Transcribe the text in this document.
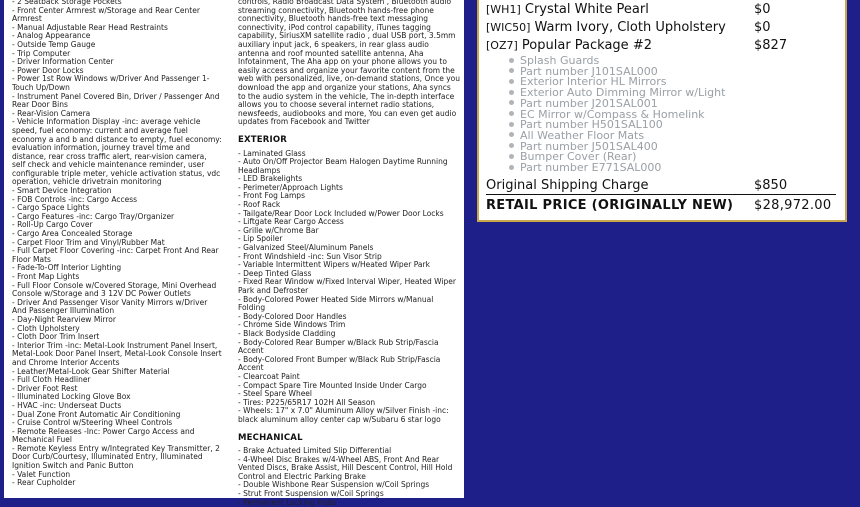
- 2 Seatback Storage Pockets
- Front Center Armrest w/Storage and Rear Center Armrest
- Manual Adjustable Rear Head Restraints
- Analog Appearance
- Outside Temp Gauge
- Trip Computer
- Driver Information Center
- Power Door Locks
- Power 1st Row Windows w/Driver And Passenger 1-Touch Up/Down
- Instrument Panel Covered Bin, Driver / Passenger And Rear Door Bins
- Rear-Vision Camera
- Vehicle Information Display -inc: average vehicle speed, fuel economy: current and average fuel economy a and b and distance to empty, fuel economy: evaluation information, journey travel time and distance, rear cross traffic alert, rear-vision camera, self check and vehicle maintenance reminder, user configurable triple meter, vehicle activation status, vdc operation, vehicle drivetrain monitoring
- Smart Device Integration
- FOB Controls -inc: Cargo Access
- Cargo Space Lights
- Cargo Features -inc: Cargo Tray/Organizer
- Roll-Up Cargo Cover
- Cargo Area Concealed Storage
- Carpet Floor Trim and Vinyl/Rubber Mat
- Full Carpet Floor Covering -inc: Carpet Front And Rear Floor Mats
- Fade-To-Off Interior Lighting
- Front Map Lights
- Full Floor Console w/Covered Storage, Mini Overhead Console w/Storage and 3 12V DC Power Outlets
- Driver And Passenger Visor Vanity Mirrors w/Driver And Passenger Illumination
- Day-Night Rearview Mirror
- Cloth Upholstery
- Cloth Door Trim Insert
- Interior Trim -inc: Metal-Look Instrument Panel Insert, Metal-Look Door Panel Insert, Metal-Look Console Insert and Chrome Interior Accents
- Leather/Metal-Look Gear Shifter Material
- Full Cloth Headliner
- Driver Foot Rest
- Illuminated Locking Glove Box
- HVAC -inc: Underseat Ducts
- Dual Zone Front Automatic Air Conditioning
- Cruise Control w/Steering Wheel Controls
- Remote Releases -Inc: Power Cargo Access and Mechanical Fuel
- Remote Keyless Entry w/Integrated Key Transmitter, 2 Door Curb/Courtesy, Illuminated Entry, Illuminated Ignition Switch and Panic Button
- Valet Function
- Rear Cupholder
controls, Radio Broadcast Data System , Bluetooth audio streaming connectivity, Bluetooth hands-free phone connectivity, Bluetooth hands-free text messaging connectivity, iPod control capability, iTunes tagging capability, SiriusXM satellite radio , dual USB port, 3.5mm auxiliary input jack, 6 speakers, in rear glass audio antenna and roof mounted satellite antenna, Aha Infotainment, The Aha app on your phone allows you to easily access and organize your favorite content from the web with personalized, live, on-demand stations, Once you download the app and organize your stations, Aha syncs to the audio system in the vehicle, The in-depth interface allows you to choose several internet radio stations, newsfeeds, audiobooks and more, You can even get audio updates from Facebook and Twitter
EXTERIOR
- Laminated Glass
- Auto On/Off Projector Beam Halogen Daytime Running Headlamps
- LED Brakelights
- Perimeter/Approach Lights
- Front Fog Lamps
- Roof Rack
- Tailgate/Rear Door Lock Included w/Power Door Locks
- Liftgate Rear Cargo Access
- Grille w/Chrome Bar
- Lip Spoiler
- Galvanized Steel/Aluminum Panels
- Front Windshield -inc: Sun Visor Strip
- Variable Intermittent Wipers w/Heated Wiper Park
- Deep Tinted Glass
- Fixed Rear Window w/Fixed Interval Wiper, Heated Wiper Park and Defroster
- Body-Colored Power Heated Side Mirrors w/Manual Folding
- Body-Colored Door Handles
- Chrome Side Windows Trim
- Black Bodyside Cladding
- Body-Colored Rear Bumper w/Black Rub Strip/Fascia Accent
- Body-Colored Front Bumper w/Black Rub Strip/Fascia Accent
- Clearcoat Paint
- Compact Spare Tire Mounted Inside Under Cargo
- Steel Spare Wheel
- Tires: P225/65R17 102H All Season
- Wheels: 17" x 7.0" Aluminum Alloy w/Silver Finish -inc: black aluminum alloy center cap w/Subaru 6 star logo
MECHANICAL
- Brake Actuated Limited Slip Differential
- 4-Wheel Disc Brakes w/4-Wheel ABS, Front And Rear Vented Discs, Brake Assist, Hill Descent Control, Hill Hold Control and Electric Parking Brake
- Double Wishbone Rear Suspension w/Coil Springs
- Strut Front Suspension w/Coil Springs
- Permanent Locking Hubs
[WH1] Crystal White Pearl	$0
[WIC50] Warm Ivory, Cloth Upholstery $0
[OZ7] Popular Package #2	$827
Splash Guards
Part number J101SAL000
Exterior Interior HL Mirrors
Exterior Auto Dimming Mirror w/Light
Part number J201SAL001
EC Mirror w/Compass & Homelink
Part number H501SAL100
All Weather Floor Mats
Part number J501SAL400
Bumper Cover (Rear)
Part number E771SAL000
Original Shipping Charge	$850
RETAIL PRICE (ORIGINALLY NEW) $28,972.00
